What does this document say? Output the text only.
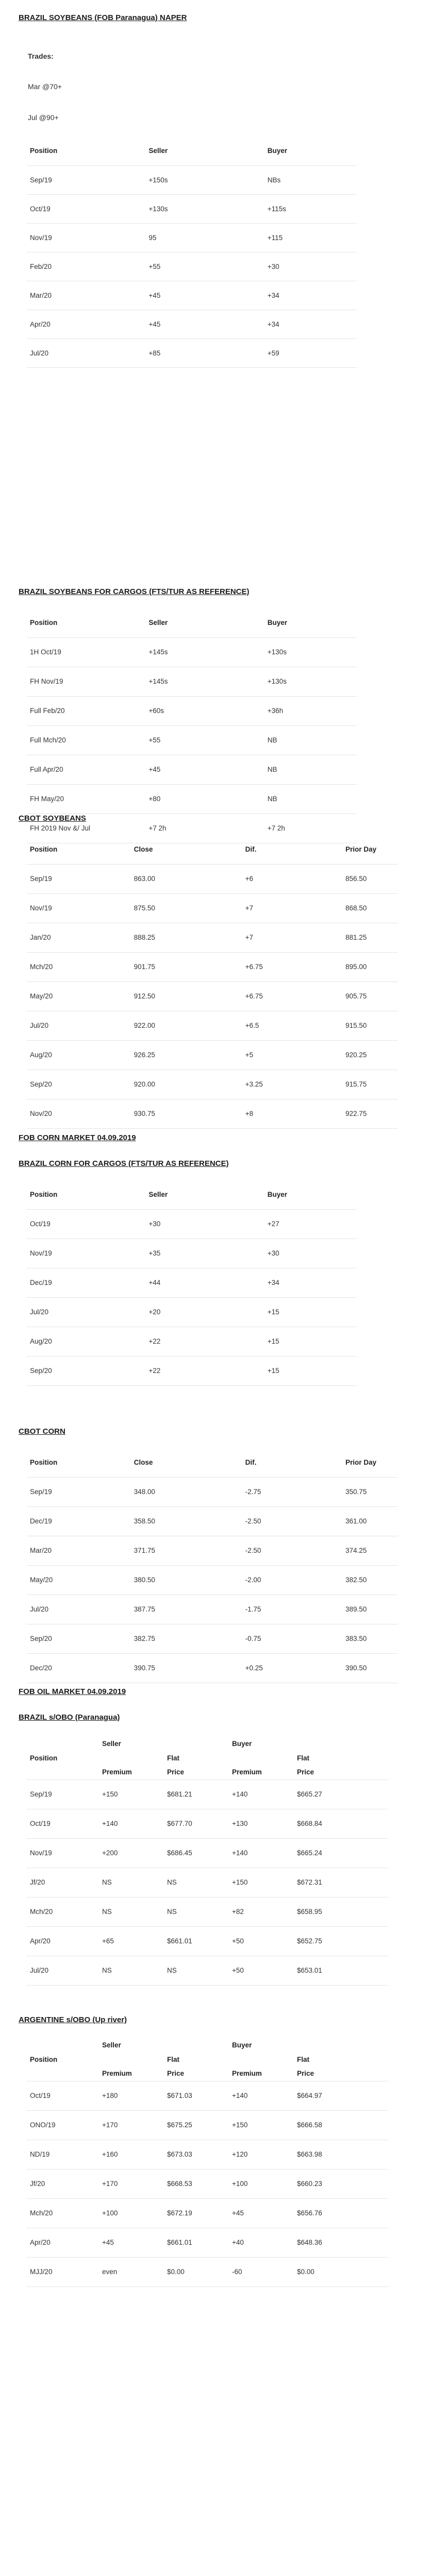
BRAZIL SOYBEANS (FOB Paranagua) NAPER
Trades:
Mar @70+
Jul @90+
Position	Seller	Buyer
Sep/19	+150s	NBs
Oct/19	+130s	+115s
Nov/19	95	+115
Feb/20	+55	+30
Mar/20	+45	+34
Apr/20	+45	+34
Jul/20	+85	+59
BRAZIL SOYBEANS FOR CARGOS (FTS/TUR AS REFERENCE)
Position	Seller	Buyer
1H Oct/19	+145s	+130s
FH Nov/19	+145s	+130s
Full Feb/20	+60s	+36h
Full Mch/20	+55	NB
Full Apr/20	+45	NB
FH May/20	+80	NB
FH 2019 Nov &/ Jul	+7 2h	+7 2h
CBOT SOYBEANS
Position	Close	Dif.	Prior Day
Sep/19	863.00	+6	856.50
Nov/19	875.50	+7	868.50
Jan/20	888.25	+7	881.25
Mch/20	901.75	+6.75	895.00
May/20	912.50	+6.75	905.75
Jul/20	922.00	+6.5	915.50
Aug/20	926.25	+5	920.25
Sep/20	920.00	+3.25	915.75
Nov/20	930.75	+8	922.75
FOB CORN MARKET 04.09.2019
BRAZIL CORN FOR CARGOS (FTS/TUR AS REFERENCE)
Position	Seller	Buyer
Oct/19	+30	+27
Nov/19	+35	+30
Dec/19	+44	+34
Jul/20	+20	+15
Aug/20	+22	+15
Sep/20	+22	+15
CBOT CORN
Position	Close	Dif.	Prior Day
Sep/19	348.00	-2.75	350.75
Dec/19	358.50	-2.50	361.00
Mar/20	371.75	-2.50	374.25
May/20	380.50	-2.00	382.50
Jul/20	387.75	-1.75	389.50
Sep/20	382.75	-0.75	383.50
Dec/20	390.75	+0.25	390.50
FOB OIL MARKET 04.09.2019
BRAZIL s/OBO (Paranagua)
	Seller		Buyer	
Position		Flat		Flat
	Premium	Price	Premium	Price
Sep/19	+150	$681.21	+140	$665.27
Oct/19	+140	$677.70	+130	$668.84
Nov/19	+200	$686.45	+140	$665.24
Jf/20	NS	NS	+150	$672.31
Mch/20	NS	NS	+82	$658.95
Apr/20	+65	$661.01	+50	$652.75
Jul/20	NS	NS	+50	$653.01
ARGENTINE s/OBO (Up river)
	Seller		Buyer	
Position		Flat		Flat
	Premium	Price	Premium	Price
Oct/19	+180	$671.03	+140	$664.97
ONO/19	+170	$675.25	+150	$666.58
ND/19	+160	$673.03	+120	$663.98
Jf/20	+170	$668.53	+100	$660.23
Mch/20	+100	$672.19	+45	$656.76
Apr/20	+45	$661.01	+40	$648.36
MJJ/20	even	$0.00	-60	$0.00
